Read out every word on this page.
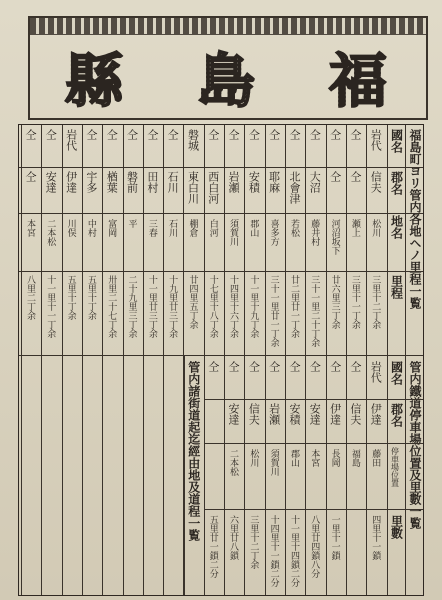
福
島
縣
福島町ヨリ管内各地ヘノ里程一覧
國名
郡名
地名
里程
岩代
信夫
松川
三里十二丁余
仝
仝
瀬上
三里十一丁余
仝
仝
河沼坂下
廿六里三丁余
仝
大沼
藤井村
三十一里二十丁余
仝
北會津
若松
廿二里廿一丁余
仝
耶麻
喜多方
三十一里廿一丁余
仝
安積
郡山
十一里十九丁余
仝
岩瀬
須賀川
十四里十六丁余
仝
西白河
白河
十七里十八丁余
磐城
東白川
棚倉
廿四里五丁余
仝
石川
石川
十九里廿三丁余
仝
田村
三春
十一里廿三丁余
仝
磐前
平
二十九里三丁余
仝
楢葉
富岡
卅里二十七丁余
仝
宇多
中村
五里十丁余
岩代
伊達
川俣
五里十丁余
仝
安達
二本松
十一里十一丁余
仝
仝
本宮
八里二丁余
管内鐵道停車場位置及里數一覧
國名
郡名
停車場位置
里數
岩代
伊達
藤田
四里十一鎖
仝
信夫
福島
仝
伊達
長岡
一里十一鎖
仝
安達
本宮
八里廿四鎖八分
仝
安積
郡山
十一里十四鎖二分
仝
岩瀬
須賀川
十四里十一鎖二分
仝
信夫
松川
三里十二丁余
仝
安達
二本松
六里廿八鎖
仝
五里廿一鎖二分
管内諸街道起迄經由地及道程一覧
